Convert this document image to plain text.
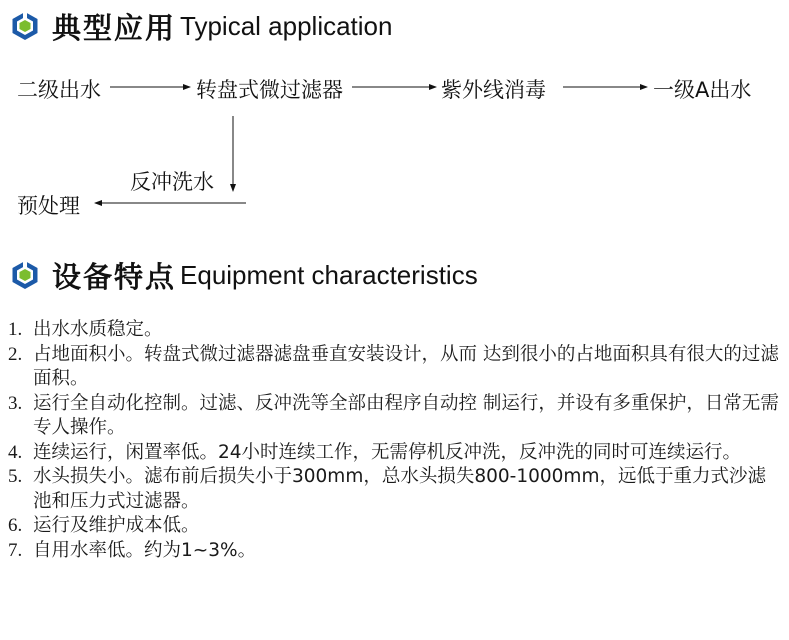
典型应用 Typical application
二级出水	转盘式微过滤器	紫外线消毒	一级A出水
反冲洗水
预处理
设备特点 Equipment characteristics
1. 出水水质稳定。
2. 占地面积小。转盘式微过滤器滤盘垂直安装设计，从而 达到很小的占地面积具有很大的过滤面积。
3. 运行全自动化控制。过滤、反冲洗等全部由程序自动控 制运行，并设有多重保护，日常无需专人操作。
4. 连续运行，闲置率低。24小时连续工作，无需停机反冲洗，反冲洗的同时可连续运行。
5. 水头损失小。滤布前后损失小于300mm，总水头损失800-1000mm，远低于重力式沙滤池和压力式过滤器。
6. 运行及维护成本低。
7. 自用水率低。约为1~3%。
